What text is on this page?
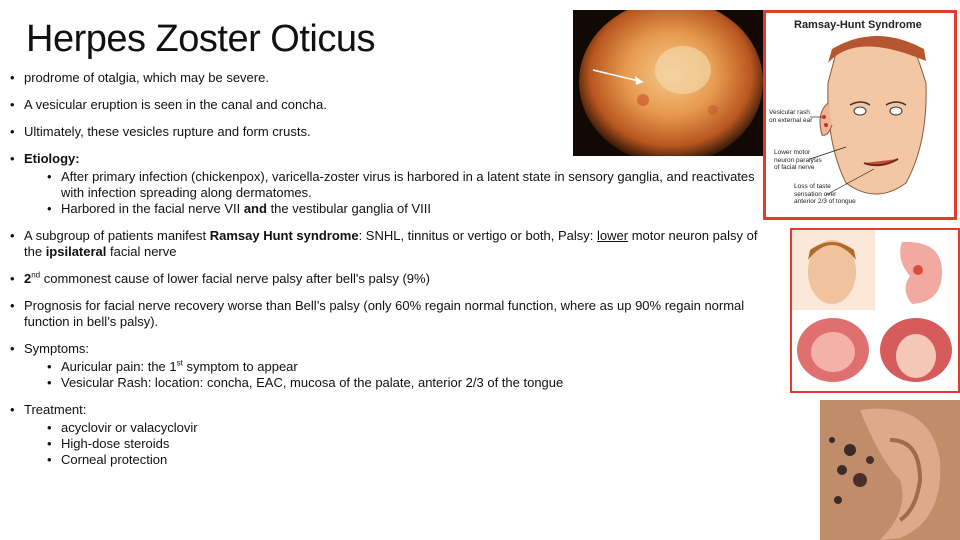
Herpes Zoster Oticus
• prodrome of otalgia, which may be severe.
• A vesicular eruption is seen in the canal and concha.
• Ultimately, these vesicles rupture and form crusts.
• Etiology:
• After primary infection (chickenpox), varicella-zoster virus is harbored in a latent state in sensory ganglia, and reactivates with infection spreading along dermatomes.
• Harbored in the facial nerve VII and the vestibular ganglia of VIII
• A subgroup of patients manifest Ramsay Hunt syndrome: SNHL, tinnitus or vertigo or both, Palsy: lower motor neuron palsy of the ipsilateral facial nerve
• 2nd commonest cause of lower facial nerve palsy after bell's palsy (9%)
• Prognosis for facial nerve recovery worse than Bell’s palsy (only 60% regain normal function, where as up 90% regain normal function in bell’s palsy).
• Symptoms:
• Auricular pain: the 1st symptom to appear
• Vesicular Rash: location: concha, EAC, mucosa of the palate, anterior 2/3 of the tongue
• Treatment:
• acyclovir or valacyclovir
• High-dose steroids
• Corneal protection
Ramsay-Hunt Syndrome
Vesicular rash
on external ear
Lower motor
neuron paralysis
of facial nerve
Loss of taste
sensation over
anterior 2/3 of tongue
